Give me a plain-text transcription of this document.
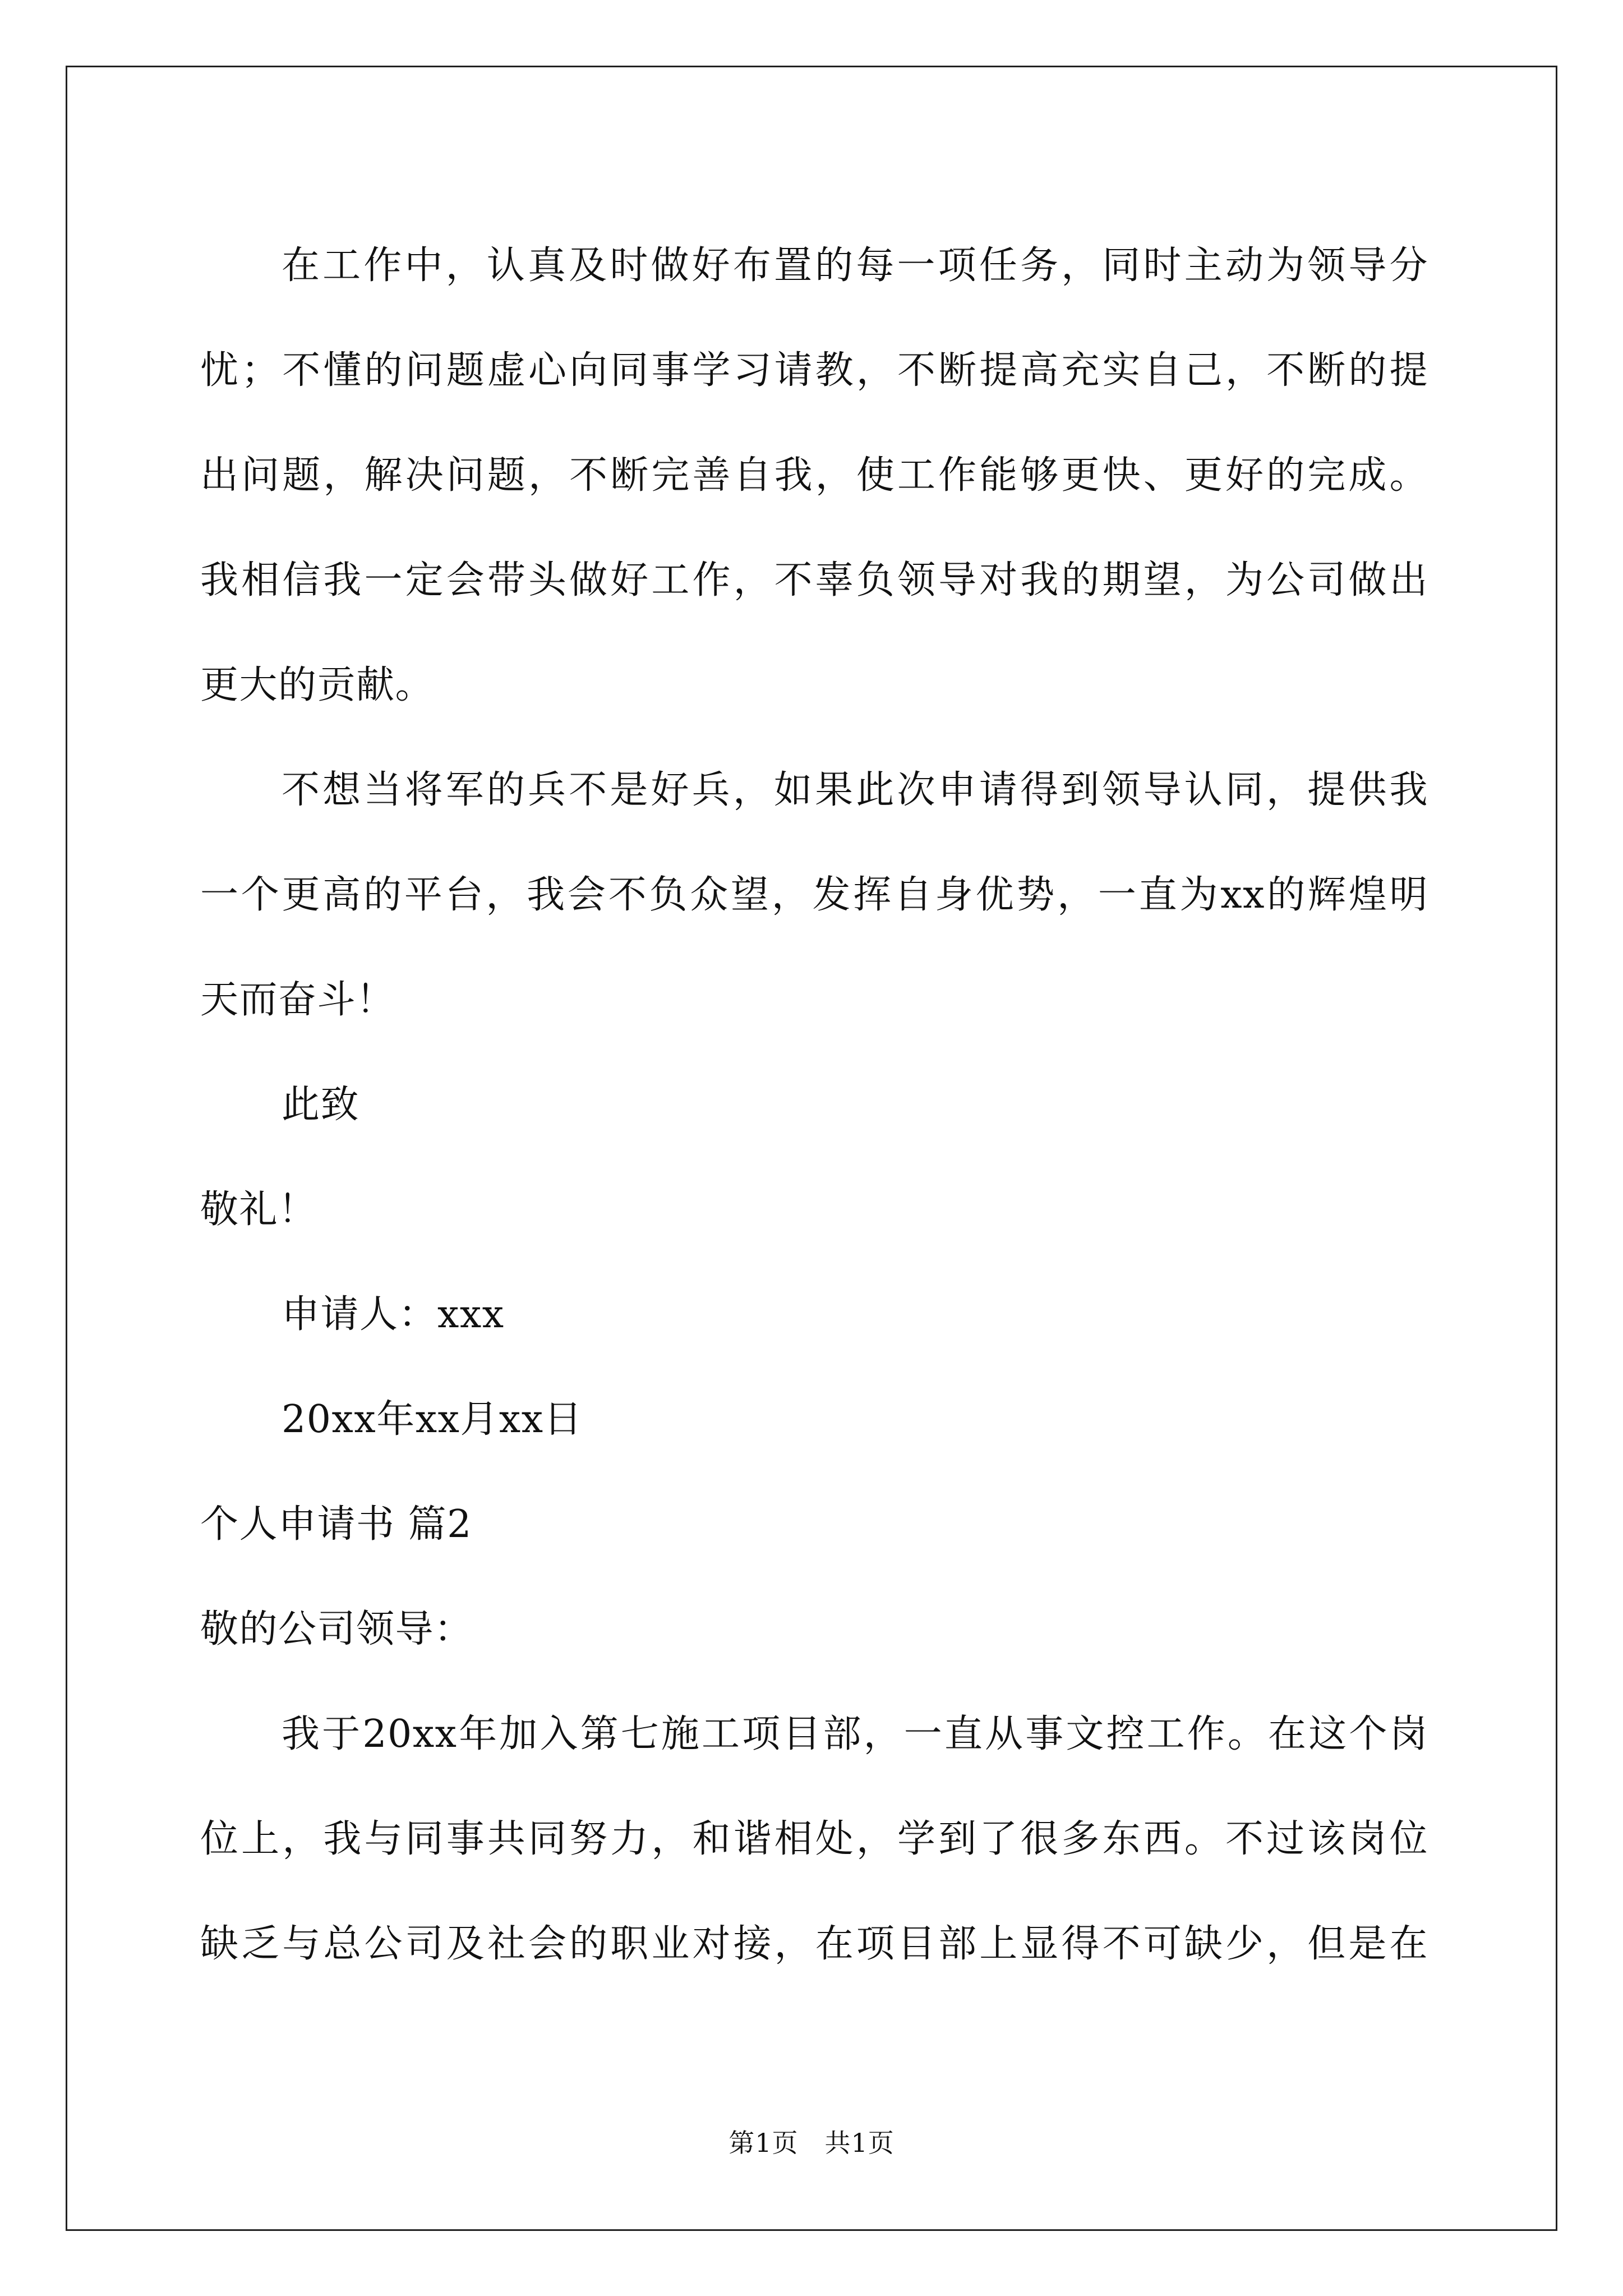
在工作中，认真及时做好布置的每一项任务，同时主动为领导分
忧；不懂的问题虚心向同事学习请教，不断提高充实自己，不断的提
出问题，解决问题，不断完善自我，使工作能够更快、更好的完成。
我相信我一定会带头做好工作，不辜负领导对我的期望，为公司做出
更大的贡献。
不想当将军的兵不是好兵，如果此次申请得到领导认同，提供我
一个更高的平台，我会不负众望，发挥自身优势，一直为xx的辉煌明
天而奋斗！
此致
敬礼！
申请人：xxx
20xx年xx月xx日
个人申请书 篇2
敬的公司领导：
我于20xx年加入第七施工项目部，一直从事文控工作。在这个岗
位上，我与同事共同努力，和谐相处，学到了很多东西。不过该岗位
缺乏与总公司及社会的职业对接，在项目部上显得不可缺少，但是在
第1页　共1页
